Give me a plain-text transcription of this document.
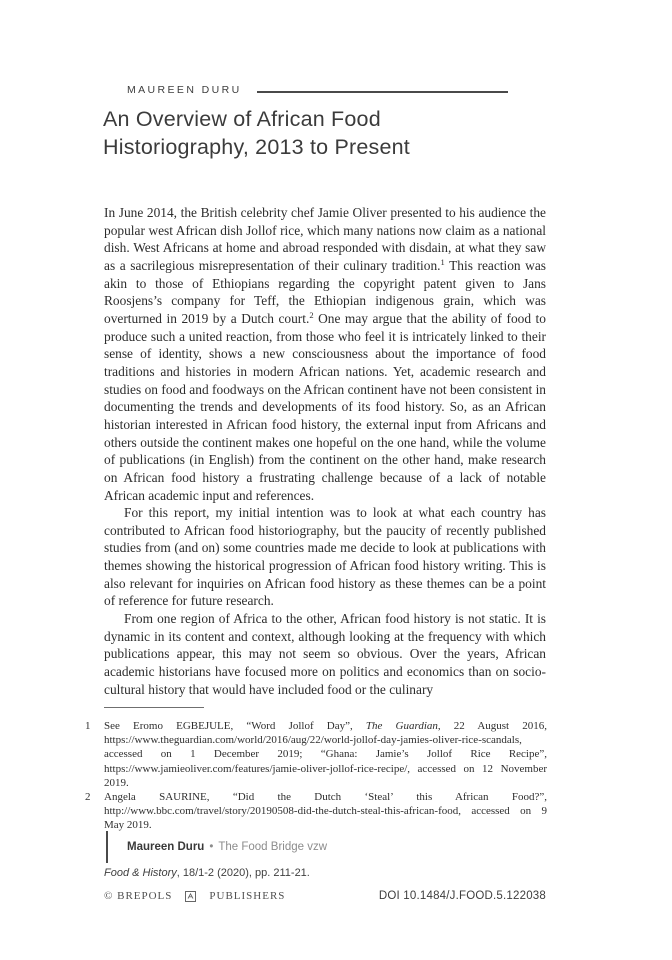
MAUREEN DURU
An Overview of African Food
Historiography, 2013 to Present

In June 2014, the British celebrity chef Jamie Oliver presented to his audience the popular west African dish Jollof rice, which many nations now claim as a national dish. West Africans at home and abroad responded with disdain, at what they saw as a sacrilegious misrepresentation of their culinary tradition.$^1$ This reaction was akin to those of Ethiopians regarding the copyright patent given to Jans Roosjens’s company for Teff, the Ethiopian indigenous grain, which was overturned in 2019 by a Dutch court.$^2$ One may argue that the ability of food to produce such a united reaction, from those who feel it is intricately linked to their sense of identity, shows a new consciousness about the importance of food traditions and histories in modern African nations. Yet, academic research and studies on food and foodways on the African continent have not been consistent in documenting the trends and developments of its food history. So, as an African historian interested in African food history, the external input from Africans and others outside the continent makes one hopeful on the one hand, while the volume of publications (in English) from the continent on the other hand, make research on African food history a frustrating challenge because of a lack of notable African academic input and references.

For this report, my initial intention was to look at what each country has contributed to African food historiography, but the paucity of recently published studies from (and on) some countries made me decide to look at publications with themes showing the historical progression of African food history writing. This is also relevant for inquiries on African food history as these themes can be a point of reference for future research.

From one region of Africa to the other, African food history is not static. It is dynamic in its content and context, although looking at the frequency with which publications appear, this may not seem so obvious. Over the years, African academic historians have focused more on politics and economics than on socio-cultural history that would have included food or the culinary

1	See Eromo EGBEJULE, “Word Jollof Day”, The Guardian, 22 August 2016, https://www.theguardian.com/world/2016/aug/22/world-jollof-day-jamies-oliver-rice-scandals, accessed on 1 December 2019; “Ghana: Jamie’s Jollof Rice Recipe”, https://www.jamieoliver.com/features/jamie-oliver-jollof-rice-recipe/, accessed on 12 November 2019.
2	Angela SAURINE, “Did the Dutch ‘Steal’ this African Food?”, http://www.bbc.com/travel/story/20190508-did-the-dutch-steal-this-african-food, accessed on 9 May 2019.
Maureen Duru • The Food Bridge vzw
Food & History, 18/1-2 (2020), pp. 211-21.
© BREPOLS	PUBLISHERS	DOI 10.1484/J.FOOD.5.122038
